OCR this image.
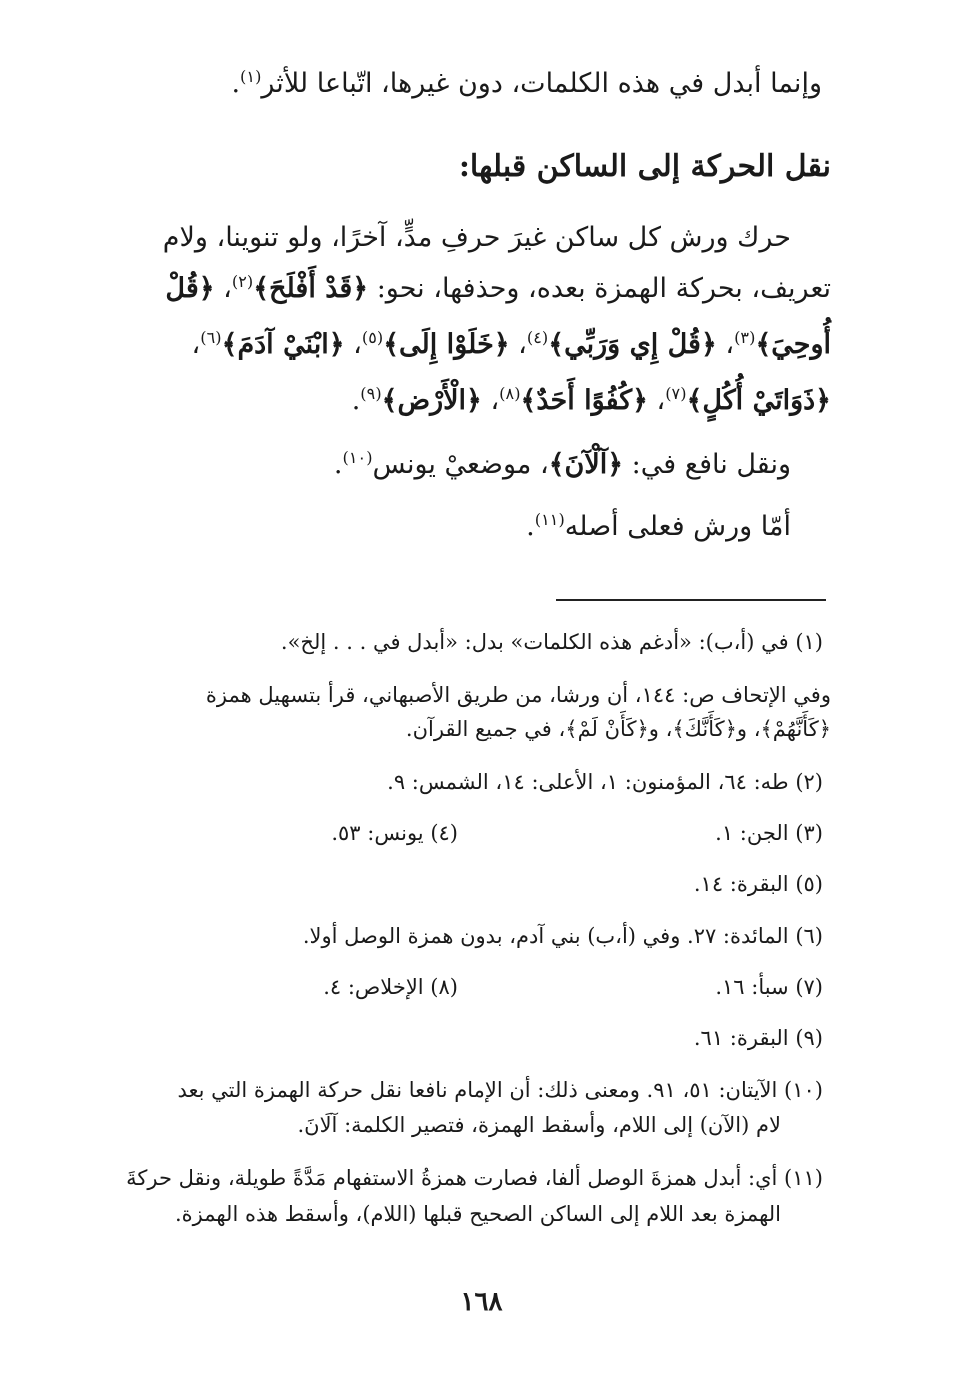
وإنما أبدل في هذه الكلمات، دون غيرها، اتّباعا للأثر$^{(١)}$.
نقل الحركة إلى الساكن قبلها:
حرك ورش كل ساكن غيرَ حرفِ مدٍّ، آخرًا، ولو تنوينا، ولام
تعريف، بحركة الهمزة بعده، وحذفها، نحو: ﴿قَدْ أَفْلَحَ﴾$^{(٢)}$، ﴿قُلْ
أُوحِيَ﴾$^{(٣)}$، ﴿قُلْ إِي وَرَبِّي﴾$^{(٤)}$، ﴿خَلَوْا إِلَى﴾$^{(٥)}$، ﴿ابْنَيْ آدَمَ﴾$^{(٦)}$،
﴿ذَوَاتَيْ أُكُلٍ﴾$^{(٧)}$، ﴿كُفُوًا أَحَدٌ﴾$^{(٨)}$، ﴿الْأَرْض﴾$^{(٩)}$.
ونقل نافع في: ﴿آلْآنَ﴾، موضعيْ يونس$^{(١٠)}$.
أمّا ورش فعلى أصله$^{(١١)}$.
(١) في (أ،ب): «أدغم هذه الكلمات» بدل: «أبدل في . . . إلخ».
وفي الإتحاف ص: ١٤٤، أن ورشا، من طريق الأصبهاني، قرأ بتسهيل همزة
﴿كَأَنَّهُمْ﴾، و﴿كَأَنَّكَ﴾، و﴿كَأَنْ لَمْ﴾، في جميع القرآن.
(٢) طه: ٦٤، المؤمنون: ١، الأعلى: ١٤، الشمس: ٩.
(٣) الجن: ١.
(٤) يونس: ٥٣.
(٥) البقرة: ١٤.
(٦) المائدة: ٢٧. وفي (أ،ب) بني آدم، بدون همزة الوصل أولا.
(٧) سبأ: ١٦.
(٨) الإخلاص: ٤.
(٩) البقرة: ٦١.
(١٠) الآيتان: ٥١، ٩١. ومعنى ذلك: أن الإمام نافعا نقل حركة الهمزة التي بعد
لام (الآن) إلى اللام، وأسقط الهمزة، فتصير الكلمة: آلَانَ.
(١١) أي: أبدل همزةَ الوصل ألفا، فصارت همزةُ الاستفهام مَدَّةً طويلة، ونقل حركةَ
الهمزة بعد اللام إلى الساكن الصحيح قبلها (اللام)، وأسقط هذه الهمزة.
١٦٨
